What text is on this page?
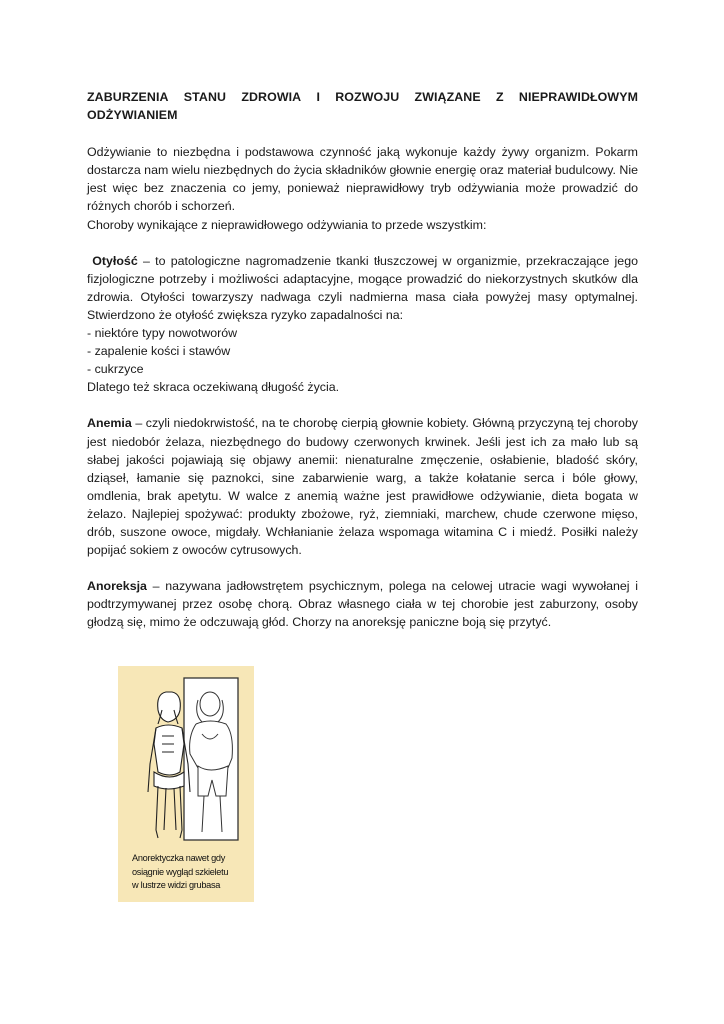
ZABURZENIA STANU ZDROWIA I ROZWOJU ZWIĄZANE Z NIEPRAWIDŁOWYM
ODŻYWIANIEM

Odżywianie to niezbędna i podstawowa czynność jaką wykonuje każdy żywy organizm. Pokarm dostarcza nam wielu niezbędnych do życia składników głownie energię oraz materiał budulcowy. Nie jest więc bez znaczenia co jemy, ponieważ nieprawidłowy tryb odżywiania może prowadzić do różnych chorób i schorzeń.

Choroby wynikające z nieprawidłowego odżywiania to przede wszystkim:

Otyłość – to patologiczne nagromadzenie tkanki tłuszczowej w organizmie, przekraczające jego fizjologiczne potrzeby i możliwości adaptacyjne, mogące prowadzić do niekorzystnych skutków dla zdrowia. Otyłości towarzyszy nadwaga czyli nadmierna masa ciała powyżej masy optymalnej. Stwierdzono że otyłość zwiększa ryzyko zapadalności na:

- niektóre typy nowotworów
- zapalenie kości i stawów
- cukrzyce
Dlatego też skraca oczekiwaną długość życia.

Anemia – czyli niedokrwistość, na te chorobę cierpią głownie kobiety. Główną przyczyną tej choroby jest niedobór żelaza, niezbędnego do budowy czerwonych krwinek. Jeśli jest ich za mało lub są słabej jakości pojawiają się objawy anemii: nienaturalne zmęczenie, osłabienie, bladość skóry, dziąseł, łamanie się paznokci, sine zabarwienie warg, a także kołatanie serca i bóle głowy, omdlenia, brak apetytu. W walce z anemią ważne jest prawidłowe odżywianie, dieta bogata w żelazo. Najlepiej spożywać: produkty zbożowe, ryż, ziemniaki, marchew, chude czerwone mięso, drób, suszone owoce, migdały. Wchłanianie żelaza wspomaga witamina C i miedź. Posiłki należy popijać sokiem z owoców cytrusowych.

Anoreksja – nazywana jadłowstrętem psychicznym, polega na celowej utracie wagi wywołanej i podtrzymywanej przez osobę chorą. Obraz własnego ciała w tej chorobie jest zaburzony, osoby głodzą się, mimo że odczuwają głód. Chorzy na anoreksję paniczne boją się przytyć.

Anorektyczka nawet gdy
osiągnie wygląd szkieletu
w lustrze widzi grubasa
